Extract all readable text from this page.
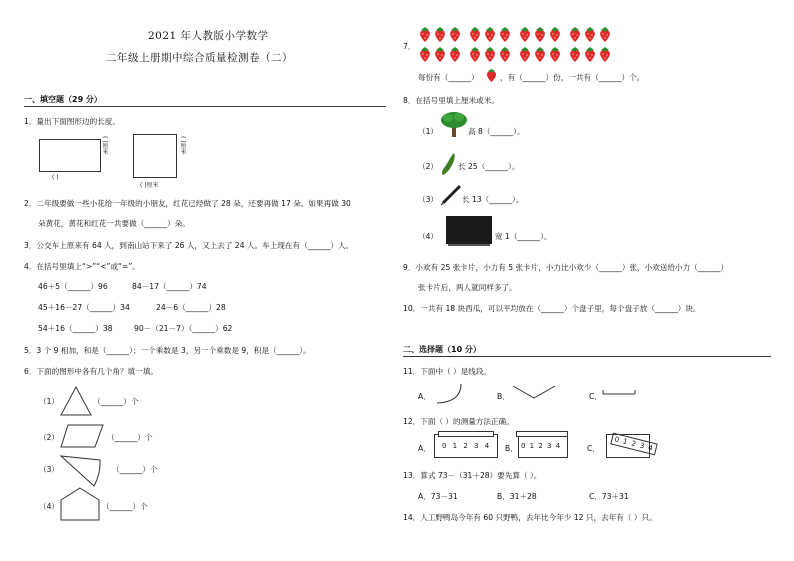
2021 年人教版小学数学
二年级上册期中综合质量检测卷（二）
一、填空题（29 分）
1．量出下面图形边的长度。
( )厘米
( )
( )厘米
( )厘米
2．二年级要做一些小花给一年级的小朋友，红花已经做了 28 朵，还要再做 17 朵。如果再做 30
朵黄花，黄花和红花一共要做（______）朵。
3．公交车上原来有 64 人，到南山站下来了 26 人，又上去了 24 人。车上现在有（______）人。
4．在括号里填上“>”“<”或“=”。
46＋5（______）96	84－17（______）74
45＋16－27（______）34	24－6（______）28
54＋16（______）38	90－（21－7）（______）62
5．3 个 9 相加，和是（______）；一个乘数是 3，另一个乘数是 9，积是（______）。
6．下面的图形中各有几个角？填一填。
（1）	（______）个
（2）	（______）个
（3）	（______）个
（4）	（______）个
7．
每份有（______）	，有（______）份，一共有（______）个。
8．在括号里填上厘米或米。
（1）	高 8（______）。
（2）	长 25（______）。
（3）	长 13（______）。
（4）	宽 1（______）。
9．小欢有 25 张卡片，小力有 5 张卡片，小力比小欢少（______）张，小欢送给小力（______）
张卡片后，两人就同样多了。
10．一共有 18 块西瓜，可以平均放在（______）个盘子里，每个盘子放（______）块。
二、选择题（10 分）
11．下面中（ ）是线段。
A．	B．	C．
12．下面（ ）的测量方法正确。
A． 0 1 2 3 4 B． 0 1 2 3 4	C．	0 1 2 3 4
13．算式 73－（31＋28）要先算（ ）。
A．73－31	B．31＋28	C．73＋31
14．人工野鸭岛今年有 60 只野鸭，去年比今年少 12 只，去年有（ ）只。
